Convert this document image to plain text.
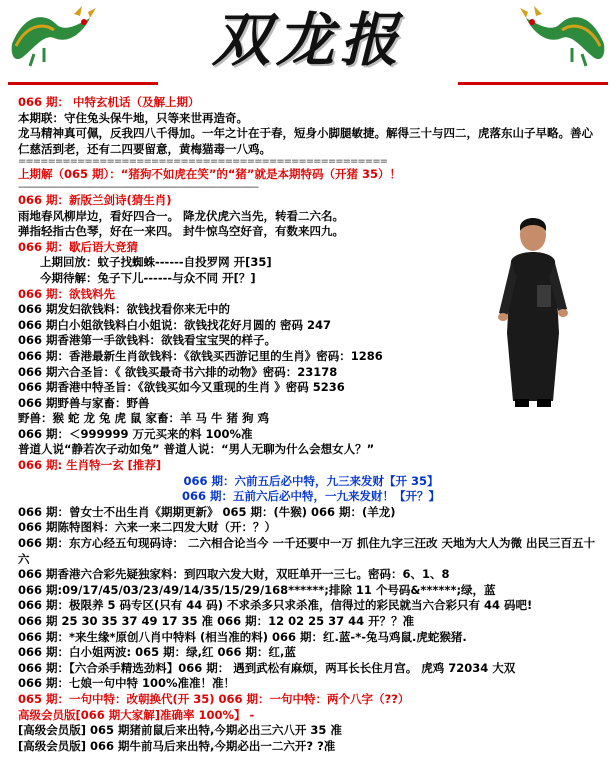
双龙报
066 期： 中特玄机话（及解上期）
本期联：守住兔头保牛地，只等来世再造奇。
龙马精神真可佩，反我四八千得加。一年之计在于春，短身小脚腿敏捷。解得三十与四二，虎落东山子早略。善心仁慈活到老，还有二四要留意，黄梅猫毒一八鸡。
==================================================
上期解（065 期）：“猪狗不如虎在笑”的“猪”就是本期特码（开猪 35）！
--------------------------------------------------------------------------------------------
066 期：新版兰剑诗(猜生肖)
雨地春风柳岸边，看好四合一。 降龙伏虎六当先，转看二六名。
弹指轻指古色琴，好在一来四。 封牛惊鸟空好音，有数来四九。
066 期：歇后语大竞猜
上期回放：蚊子找蜘蛛------自投罗网 开[35]
今期待解：兔子下儿------与众不同 开[？]
066 期：欲钱料先
066 期发妇欲钱料：欲钱找看你来无中的
066 期白小姐欲钱料白小姐说：欲钱找花好月圆的 密码 247
066 期香港第一手欲钱料：欲钱看宝宝哭的样子。
066 期：香港最新生肖欲钱料：《欲钱买西游记里的生肖》密码：1286
066 期六合圣旨：《 欲钱买最奇书六排的动物》密码：23178
066 期香港中特圣旨：《欲钱买如今又重现的生肖 》密码 5236
066 期野兽与家畜：野兽
野兽：猴 蛇 龙 兔 虎 鼠 家畜：羊 马 牛 猪 狗 鸡
066 期：＜999999 万元买来的料 100%准
普道人说“静若次子动如兔” 普道人说：“男人无聊为什么会想女人？”
066 期: 生肖特一玄 [推荐]
066 期：六前五后必中特，九三来发财【开 35】
066 期：五前六后必中特，一九来发财！【开？】
066 期：曾女士不出生肖《期期更新》 065 期：(牛猴) 066 期：(羊龙)
066 期陈特图料：六来一来二四发大财（开：？）
066 期：东方心经五句现码诗： 二六相合论当今 一千还要中一万 抓住九字三汪改 天地为大人为微 出民三百五十六
066 期香港六合彩先疑独家料：到四取六发大财，双旺单开一三七。密码：6、1、8
066 期:09/17/45/03/23/49/14/35/15/29/168******;排除 11 个号码&******;绿，蓝
066 期：极限养 5 码专区(只有 44 码) 不求杀多只求杀准，信得过的彩民就当六合彩只有 44 码吧!
066 期 25 30 35 37 49 17 35 准 066 期：12 02 25 37 44 开？？准
066 期：*来生缘*原创八肖中特料 (相当准的料) 066 期：红.蓝-*-兔马鸡鼠.虎蛇猴猪.
066 期：白小姐两波: 065 期：绿,红 066 期：红,蓝
066 期：【六合杀手精选劲料】066 期： 遇到武松有麻烦，两耳长长住月宫。 虎鸡 72034 大双
066 期：七娘一句中特 100%准准！准！
065 期：一句中特：改朝换代(开 35) 066 期：一句中特：两个八字（??）
高级会员版[066 期大家解]准确率 100%】 -
[高级会员版] 065 期猪前鼠后来出特,今期必出三六八开 35 准
[高级会员版] 066 期牛前马后来出特,今期必出一二六开? ?准
